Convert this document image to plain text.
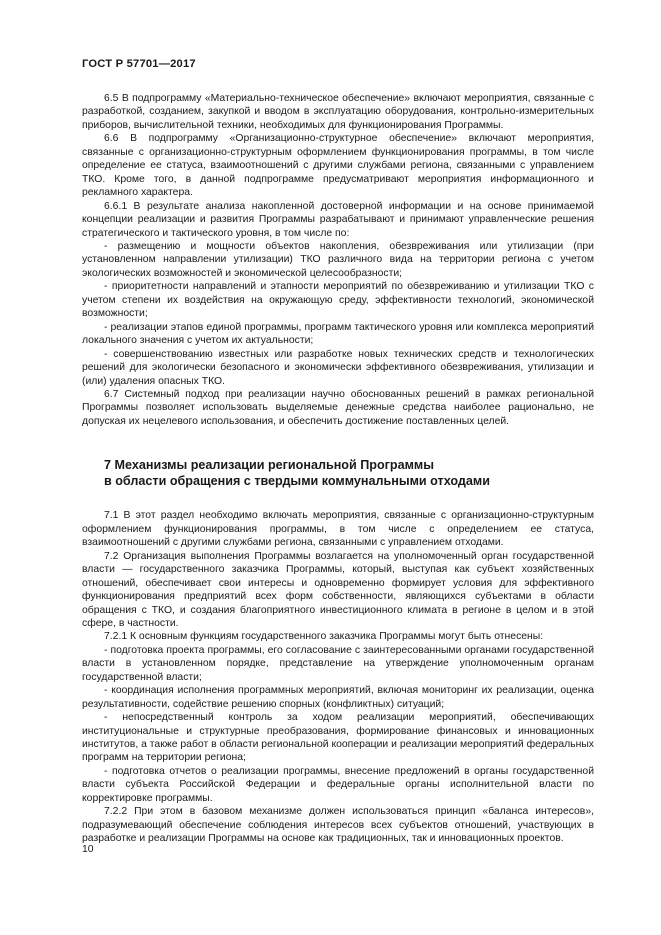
ГОСТ Р 57701—2017

6.5 В подпрограмму «Материально-техническое обеспечение» включают мероприятия, связанные с разработкой, созданием, закупкой и вводом в эксплуатацию оборудования, контрольно-измерительных приборов, вычислительной техники, необходимых для функционирования Программы.

6.6 В подпрограмму «Организационно-структурное обеспечение» включают мероприятия, связанные с организационно-структурным оформлением функционирования программы, в том числе определение ее статуса, взаимоотношений с другими службами региона, связанными с управлением ТКО. Кроме того, в данной подпрограмме предусматривают мероприятия информационного и рекламного характера.

6.6.1 В результате анализа накопленной достоверной информации и на основе принимаемой концепции реализации и развития Программы разрабатывают и принимают управленческие решения стратегического и тактического уровня, в том числе по:

- размещению и мощности объектов накопления, обезвреживания или утилизации (при установленном направлении утилизации) ТКО различного вида на территории региона с учетом экологических возможностей и экономической целесообразности;

- приоритетности направлений и этапности мероприятий по обезвреживанию и утилизации ТКО с учетом степени их воздействия на окружающую среду, эффективности технологий, экономической возможности;

- реализации этапов единой программы, программ тактического уровня или комплекса мероприятий локального значения с учетом их актуальности;

- совершенствованию известных или разработке новых технических средств и технологических решений для экологически безопасного и экономически эффективного обезвреживания, утилизации и (или) удаления опасных ТКО.

6.7 Системный подход при реализации научно обоснованных решений в рамках региональной Программы позволяет использовать выделяемые денежные средства наиболее рационально, не допуская их нецелевого использования, и обеспечить достижение поставленных целей.

7 Механизмы реализации региональной Программы
в области обращения с твердыми коммунальными отходами

7.1 В этот раздел необходимо включать мероприятия, связанные с организационно-структурным оформлением функционирования программы, в том числе с определением ее статуса, взаимоотношений с другими службами региона, связанными с управлением отходами.

7.2 Организация выполнения Программы возлагается на уполномоченный орган государственной власти — государственного заказчика Программы, который, выступая как субъект хозяйственных отношений, обеспечивает свои интересы и одновременно формирует условия для эффективного функционирования предприятий всех форм собственности, являющихся субъектами в области обращения с ТКО, и создания благоприятного инвестиционного климата в регионе в целом и в этой сфере, в частности.

7.2.1 К основным функциям государственного заказчика Программы могут быть отнесены:

- подготовка проекта программы, его согласование с заинтересованными органами государственной власти в установленном порядке, представление на утверждение уполномоченным органам государственной власти;

- координация исполнения программных мероприятий, включая мониторинг их реализации, оценка результативности, содействие решению спорных (конфликтных) ситуаций;

- непосредственный контроль за ходом реализации мероприятий, обеспечивающих институциональные и структурные преобразования, формирование финансовых и инновационных институтов, а также работ в области региональной кооперации и реализации мероприятий федеральных программ на территории региона;

- подготовка отчетов о реализации программы, внесение предложений в органы государственной власти субъекта Российской Федерации и федеральные органы исполнительной власти по корректировке программы.

7.2.2 При этом в базовом механизме должен использоваться принцип «баланса интересов», подразумевающий обеспечение соблюдения интересов всех субъектов отношений, участвующих в разработке и реализации Программы на основе как традиционных, так и инновационных проектов.

10
